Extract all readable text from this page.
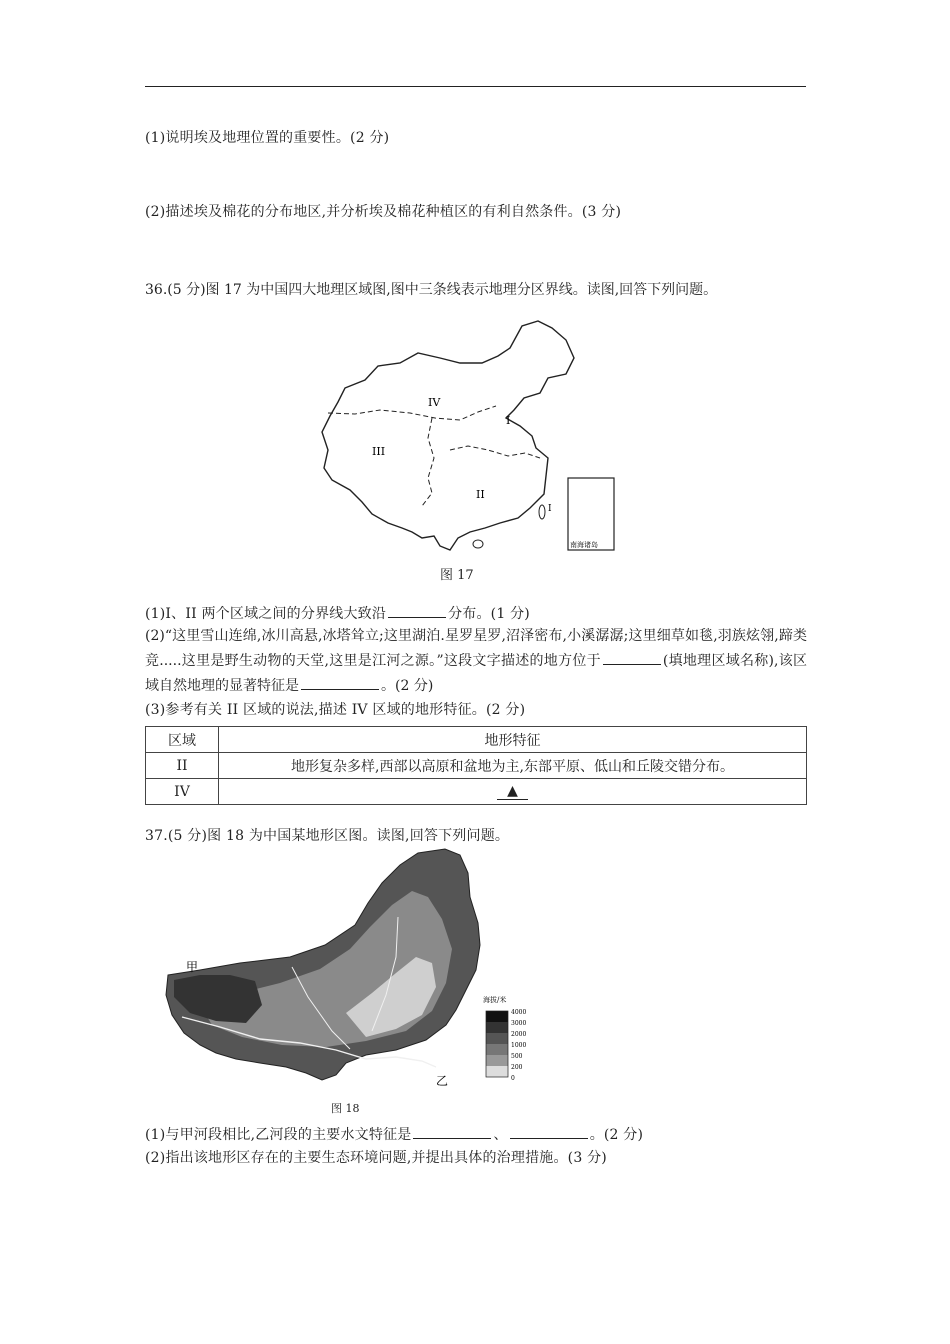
(1)说明埃及地理位置的重要性。(2 分)
(2)描述埃及棉花的分布地区,并分析埃及棉花种植区的有利自然条件。(3 分)
36.(5 分)图 17 为中国四大地理区域图,图中三条线表示地理分区界线。读图,回答下列问题。
IV
I
III
II
I
南海诸岛
图 17
(1)I、II 两个区域之间的分界线大致沿	分布。(1 分)
(2)“这里雪山连绵,冰川高悬,冰塔耸立;这里湖泊.星罗星罗,沼泽密布,小溪潺潺;这里细草如毯,羽族炫翎,蹄类竞.....这里是野生动物的天堂,这里是江河之源。”这段文字描述的地方位于	(填地理区域名称),该区域自然地理的显著特征是	。(2 分)
(3)参考有关 II 区域的说法,描述 IV 区域的地形特征。(2 分)
区域	地形特征
II	地形复杂多样,西部以高原和盆地为主,东部平原、低山和丘陵交错分布。
IV	▲
37.(5 分)图 18 为中国某地形区图。读图,回答下列问题。
甲
乙
海拔/米
4000
3000
2000
1000
500
200
0
图 18
(1)与甲河段相比,乙河段的主要水文特征是	、	。(2 分)
(2)指出该地形区存在的主要生态环境问题,并提出具体的治理措施。(3 分)
